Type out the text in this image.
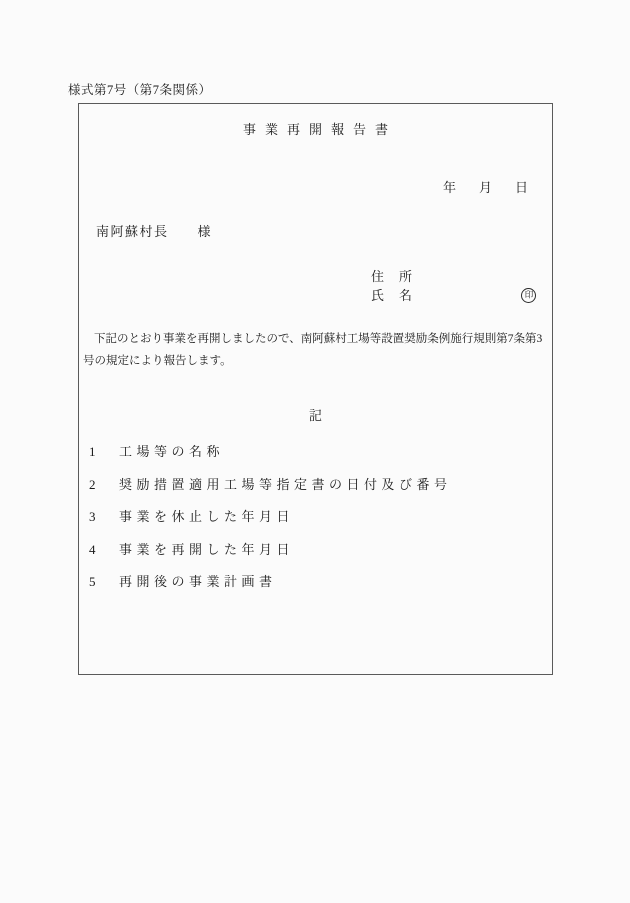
様式第7号（第7条関係）
事業再開報告書
年　月　日
南阿蘇村長　　様
住　所
氏　名	印
下記のとおり事業を再開しましたので、南阿蘇村工場等設置奨励条例施行規則第7条第3
号の規定により報告します。
記
1	工場等の名称
2	奨励措置適用工場等指定書の日付及び番号
3	事業を休止した年月日
4	事業を再開した年月日
5	再開後の事業計画書
